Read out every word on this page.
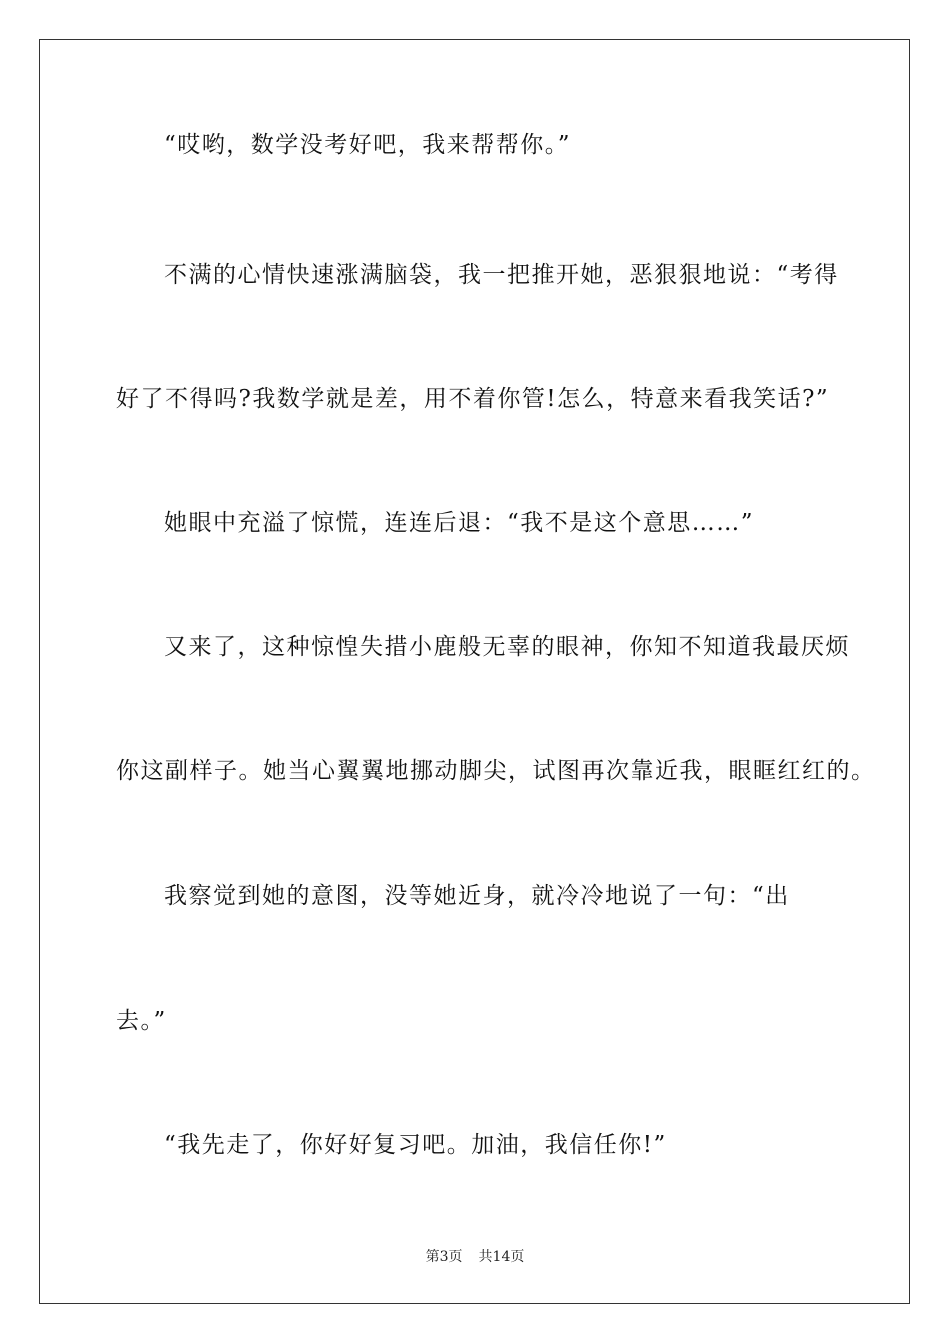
“哎哟，数学没考好吧，我来帮帮你。”
不满的心情快速涨满脑袋，我一把推开她，恶狠狠地说：“考得
好了不得吗?我数学就是差，用不着你管!怎么，特意来看我笑话?”
她眼中充溢了惊慌，连连后退：“我不是这个意思……”
又来了，这种惊惶失措小鹿般无辜的眼神，你知不知道我最厌烦
你这副样子。她当心翼翼地挪动脚尖，试图再次靠近我，眼眶红红的。
我察觉到她的意图，没等她近身，就冷冷地说了一句：“出
去。”
“我先走了，你好好复习吧。加油，我信任你!”
第3页 共14页
